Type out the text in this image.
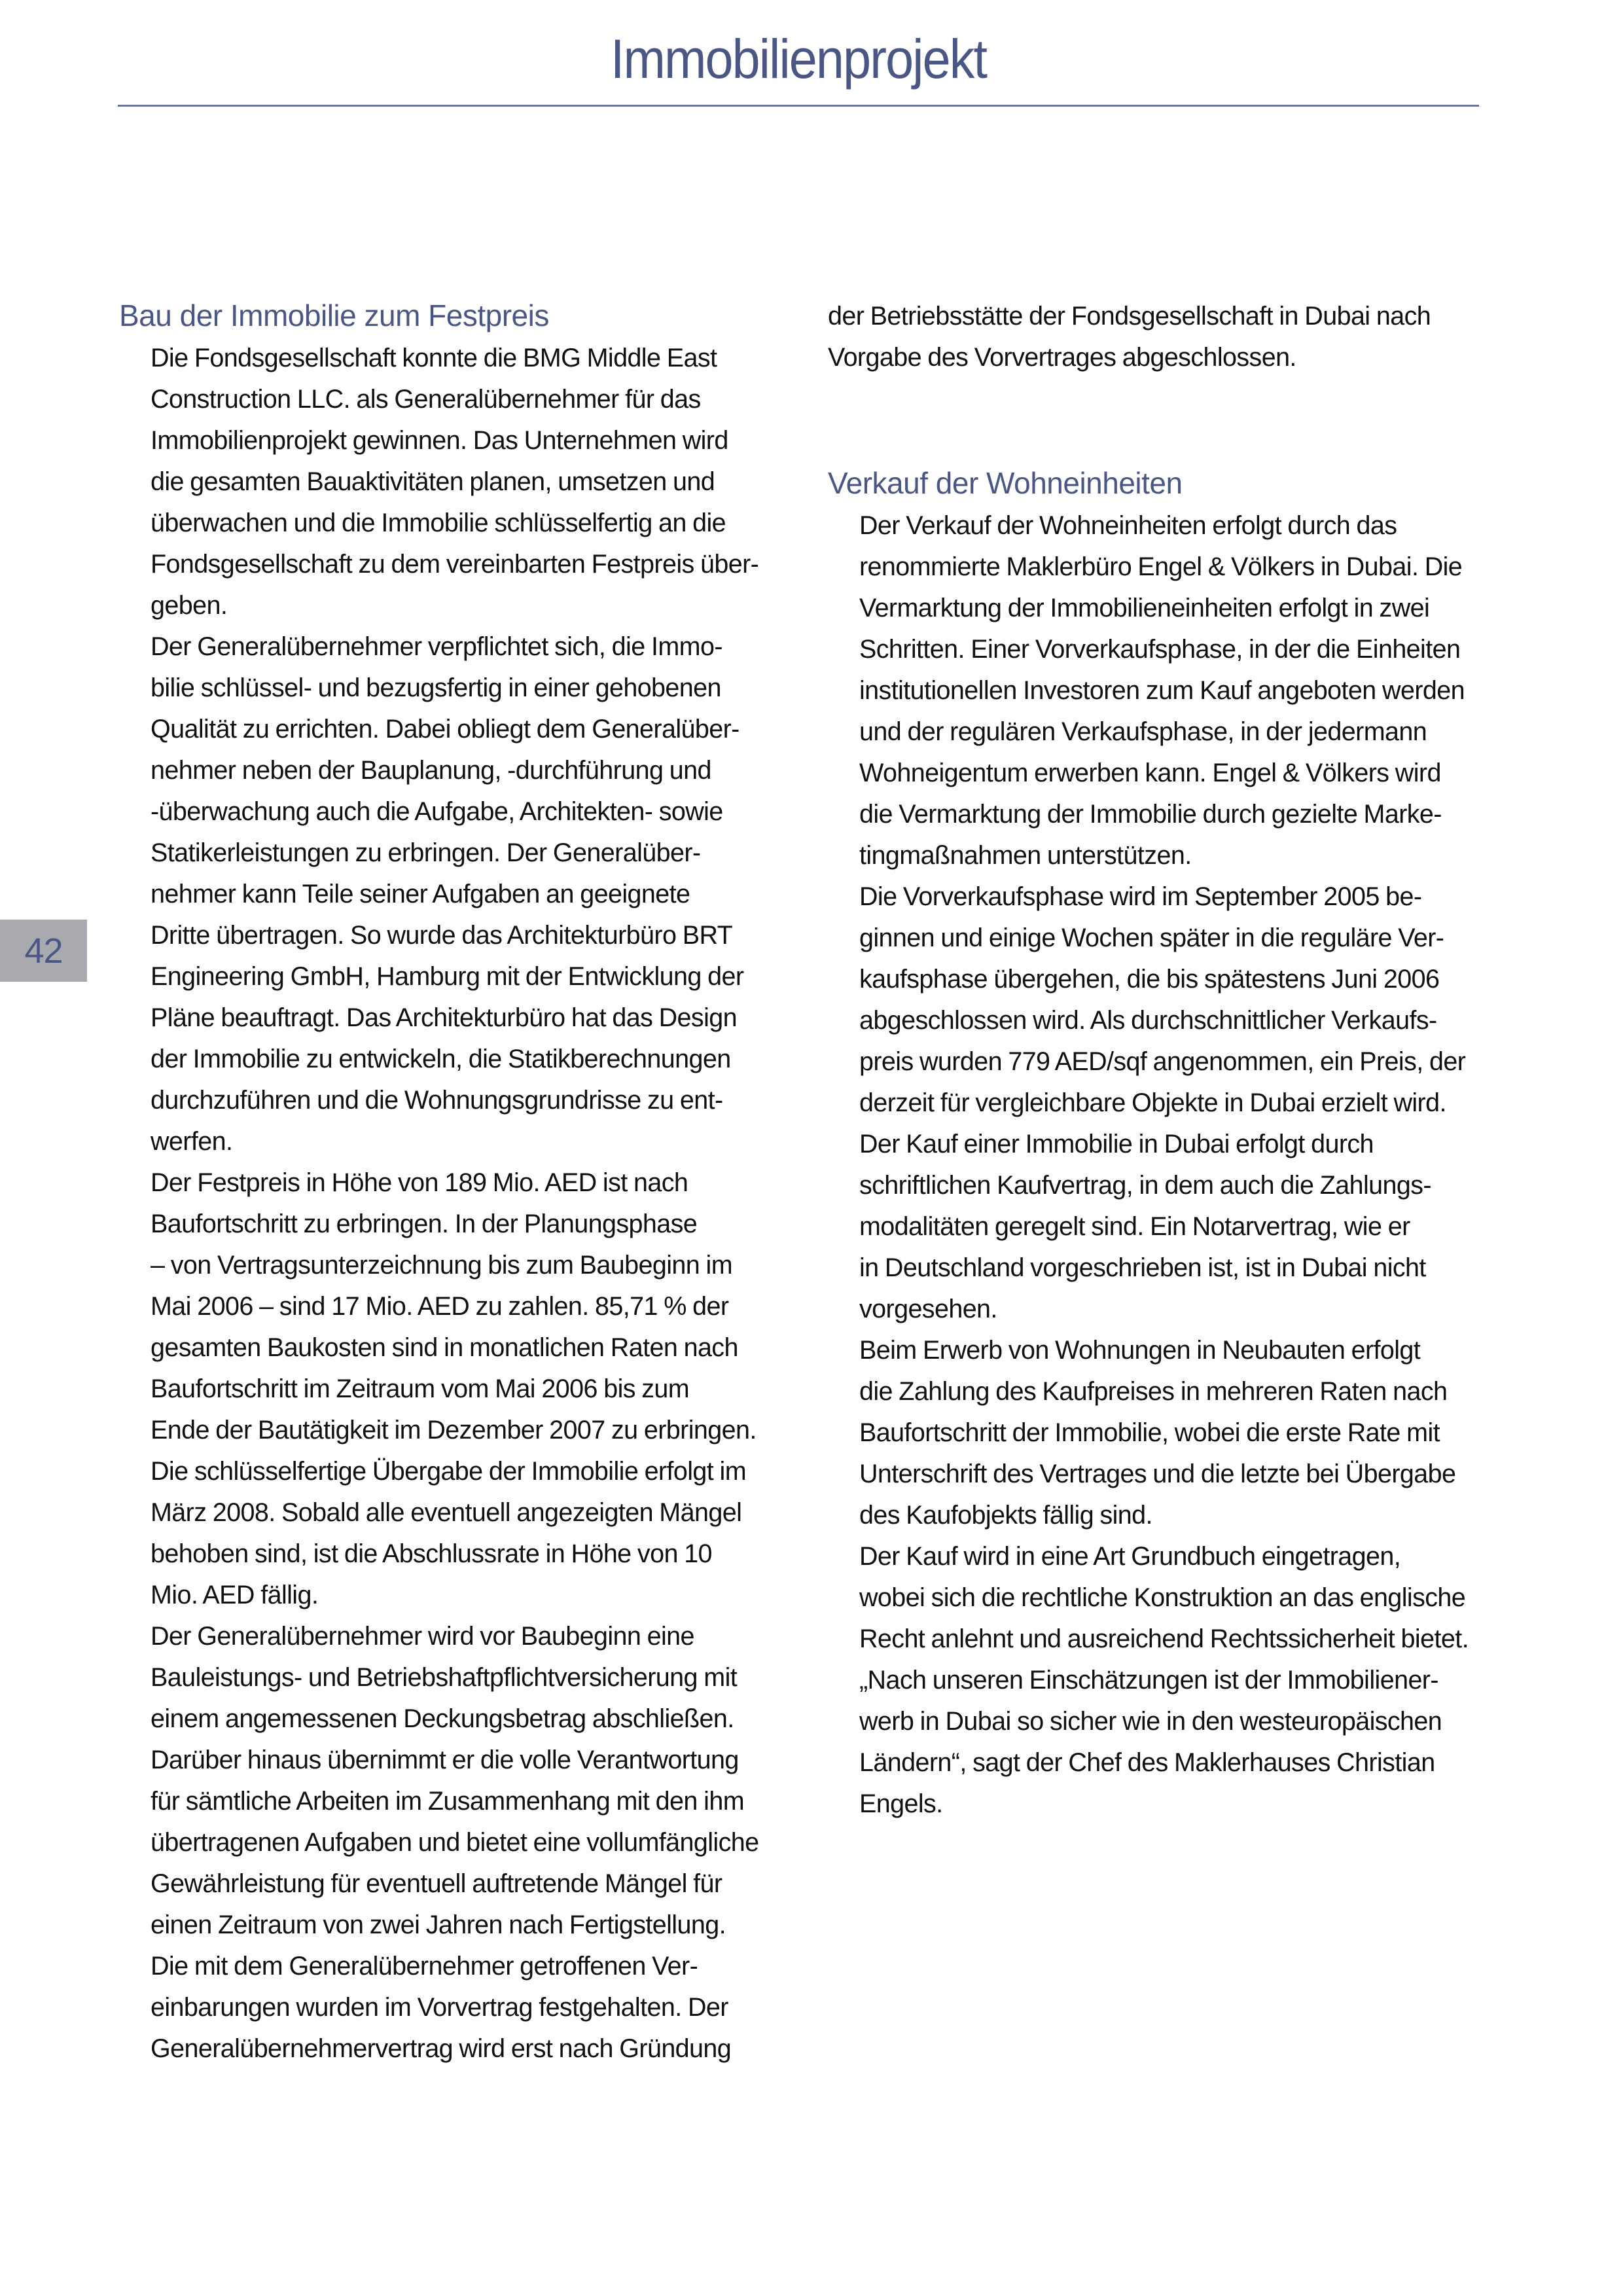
Immobilienprojekt
42
Bau der Immobilie zum Festpreis

Die Fondsgesellschaft konnte die BMG Middle East
Construction LLC. als Generalübernehmer für das
Immobilienprojekt gewinnen. Das Unternehmen wird
die gesamten Bauaktivitäten planen, umsetzen und
überwachen und die Immobilie schlüsselfertig an die
Fondsgesellschaft zu dem vereinbarten Festpreis über-
geben.

Der Generalübernehmer verpflichtet sich, die Immo-
bilie schlüssel- und bezugsfertig in einer gehobenen
Qualität zu errichten. Dabei obliegt dem Generalüber-
nehmer neben der Bauplanung, -durchführung und
-überwachung auch die Aufgabe, Architekten- sowie
Statikerleistungen zu erbringen. Der Generalüber-
nehmer kann Teile seiner Aufgaben an geeignete
Dritte übertragen. So wurde das Architekturbüro BRT
Engineering GmbH, Hamburg mit der Entwicklung der
Pläne beauftragt. Das Architekturbüro hat das Design
der Immobilie zu entwickeln, die Statikberechnungen
durchzuführen und die Wohnungsgrundrisse zu ent-
werfen.

Der Festpreis in Höhe von 189 Mio. AED ist nach
Baufortschritt zu erbringen. In der Planungsphase
– von Vertragsunterzeichnung bis zum Baubeginn im
Mai 2006 – sind 17 Mio. AED zu zahlen. 85,71 % der
gesamten Baukosten sind in monatlichen Raten nach
Baufortschritt im Zeitraum vom Mai 2006 bis zum
Ende der Bautätigkeit im Dezember 2007 zu erbringen.
Die schlüsselfertige Übergabe der Immobilie erfolgt im
März 2008. Sobald alle eventuell angezeigten Mängel
behoben sind, ist die Abschlussrate in Höhe von 10
Mio. AED fällig.

Der Generalübernehmer wird vor Baubeginn eine
Bauleistungs- und Betriebshaftpflichtversicherung mit
einem angemessenen Deckungsbetrag abschließen.
Darüber hinaus übernimmt er die volle Verantwortung
für sämtliche Arbeiten im Zusammenhang mit den ihm
übertragenen Aufgaben und bietet eine vollumfängliche
Gewährleistung für eventuell auftretende Mängel für
einen Zeitraum von zwei Jahren nach Fertigstellung.

Die mit dem Generalübernehmer getroffenen Ver-
einbarungen wurden im Vorvertrag festgehalten. Der
Generalübernehmervertrag wird erst nach Gründung

der Betriebsstätte der Fondsgesellschaft in Dubai nach
Vorgabe des Vorvertrages abgeschlossen.

Verkauf der Wohneinheiten

Der Verkauf der Wohneinheiten erfolgt durch das
renommierte Maklerbüro Engel & Völkers in Dubai. Die
Vermarktung der Immobilieneinheiten erfolgt in zwei
Schritten. Einer Vorverkaufsphase, in der die Einheiten
institutionellen Investoren zum Kauf angeboten werden
und der regulären Verkaufsphase, in der jedermann
Wohneigentum erwerben kann. Engel & Völkers wird
die Vermarktung der Immobilie durch gezielte Marke-
tingmaßnahmen unterstützen.

Die Vorverkaufsphase wird im September 2005 be-
ginnen und einige Wochen später in die reguläre Ver-
kaufsphase übergehen, die bis spätestens Juni 2006
abgeschlossen wird. Als durchschnittlicher Verkaufs-
preis wurden 779 AED/sqf angenommen, ein Preis, der
derzeit für vergleichbare Objekte in Dubai erzielt wird.

Der Kauf einer Immobilie in Dubai erfolgt durch
schriftlichen Kaufvertrag, in dem auch die Zahlungs-
modalitäten geregelt sind. Ein Notarvertrag, wie er
in Deutschland vorgeschrieben ist, ist in Dubai nicht
vorgesehen.

Beim Erwerb von Wohnungen in Neubauten erfolgt
die Zahlung des Kaufpreises in mehreren Raten nach
Baufortschritt der Immobilie, wobei die erste Rate mit
Unterschrift des Vertrages und die letzte bei Übergabe
des Kaufobjekts fällig sind.

Der Kauf wird in eine Art Grundbuch eingetragen,
wobei sich die rechtliche Konstruktion an das englische
Recht anlehnt und ausreichend Rechtssicherheit bietet.
„Nach unseren Einschätzungen ist der Immobiliener-
werb in Dubai so sicher wie in den westeuropäischen
Ländern“, sagt der Chef des Maklerhauses Christian
Engels.
